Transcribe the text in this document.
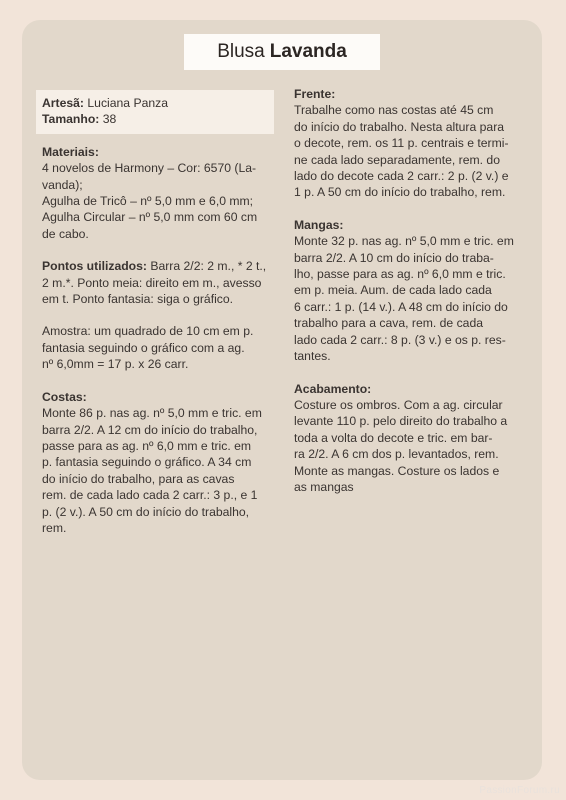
Blusa Lavanda
Artesã: Luciana Panza
Tamanho: 38
Materiais:
4 novelos de Harmony – Cor: 6570 (La-
vanda);
Agulha de Tricô – nº 5,0 mm e 6,0 mm;
Agulha Circular – nº 5,0 mm com 60 cm
de cabo.
Pontos utilizados: Barra 2/2: 2 m., * 2 t.,
2 m.*. Ponto meia: direito em m., avesso
em t. Ponto fantasia: siga o gráfico.
Amostra: um quadrado de 10 cm em p.
fantasia seguindo o gráfico com a ag.
nº 6,0mm = 17 p. x 26 carr.
Costas:
Monte 86 p. nas ag. nº 5,0 mm e tric. em
barra 2/2. A 12 cm do início do trabalho,
passe para as ag. nº 6,0 mm e tric. em
p. fantasia seguindo o gráfico. A 34 cm
do início do trabalho, para as cavas
rem. de cada lado cada 2 carr.: 3 p., e 1
p. (2 v.). A 50 cm do início do trabalho,
rem.
Frente:
Trabalhe como nas costas até 45 cm
do início do trabalho. Nesta altura para
o decote, rem. os 11 p. centrais e termi-
ne cada lado separadamente, rem. do
lado do decote cada 2 carr.: 2 p. (2 v.) e
1 p. A 50 cm do início do trabalho, rem.
Mangas:
Monte 32 p. nas ag. nº 5,0 mm e tric. em
barra 2/2. A 10 cm do início do traba-
lho, passe para as ag. nº 6,0 mm e tric.
em p. meia. Aum. de cada lado cada
6 carr.: 1 p. (14 v.). A 48 cm do início do
trabalho para a cava, rem. de cada
lado cada 2 carr.: 8 p. (3 v.) e os p. res-
tantes.
Acabamento:
Costure os ombros. Com a ag. circular
levante 110 p. pelo direito do trabalho a
toda a volta do decote e tric. em bar-
ra 2/2. A 6 cm dos p. levantados, rem.
Monte as mangas. Costure os lados e
as mangas
PassionForum.ru
